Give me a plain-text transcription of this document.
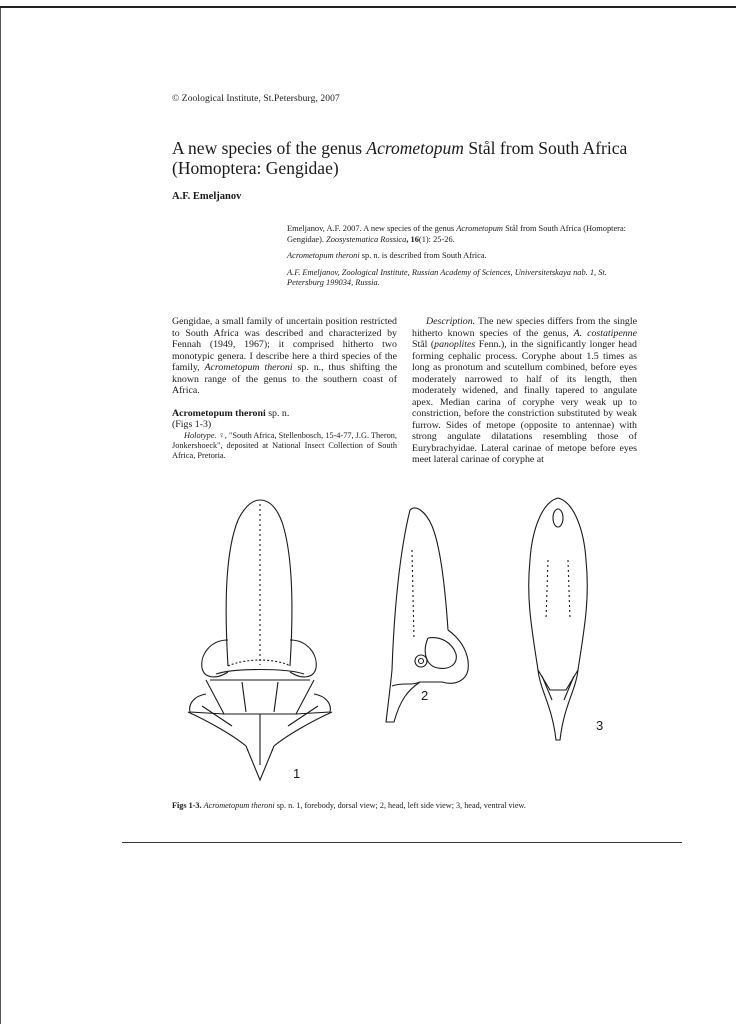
© Zoological Institute, St.Petersburg, 2007
A new species of the genus Acrometopum Stål from South Africa (Homoptera: Gengidae)
A.F. Emeljanov

Emeljanov, A.F. 2007. A new species of the genus Acrometopum Stål from South Africa (Homoptera: Gengidae). Zoosystematica Rossica, 16(1): 25-26.

Acrometopum theroni sp. n. is described from South Africa.

A.F. Emeljanov, Zoological Institute, Russian Academy of Sciences, Universitetskaya nab. 1, St. Petersburg 199034, Russia.

Gengidae, a small family of uncertain position restricted to South Africa was described and characterized by Fennah (1949, 1967); it comprised hitherto two monotypic genera. I describe here a third species of the family, Acrometopum theroni sp. n., thus shifting the known range of the genus to the southern coast of Africa.

Acrometopum theroni sp. n.

(Figs 1-3)

Holotype. ♀, "South Africa, Stellenbosch, 15-4-77, J.G. Theron, Jonkershoeck", deposited at National Insect Collection of South Africa, Pretoria.

Description. The new species differs from the single hitherto known species of the genus, A. costatipenne Stål (panoplites Fenn.), in the significantly longer head forming cephalic process. Coryphe about 1.5 times as long as pronotum and scutellum combined, before eyes moderately narrowed to half of its length, then moderately widened, and finally tapered to angulate apex. Median carina of coryphe very weak up to constriction, before the constriction substituted by weak furrow. Sides of metope (opposite to antennae) with strong angulate dilatations resembling those of Eurybrachyidae. Lateral carinae of metope before eyes meet lateral carinae of coryphe at

1
2
3
Figs 1-3. Acrometopum theroni sp. n. 1, forebody, dorsal view; 2, head, left side view; 3, head, ventral view.
